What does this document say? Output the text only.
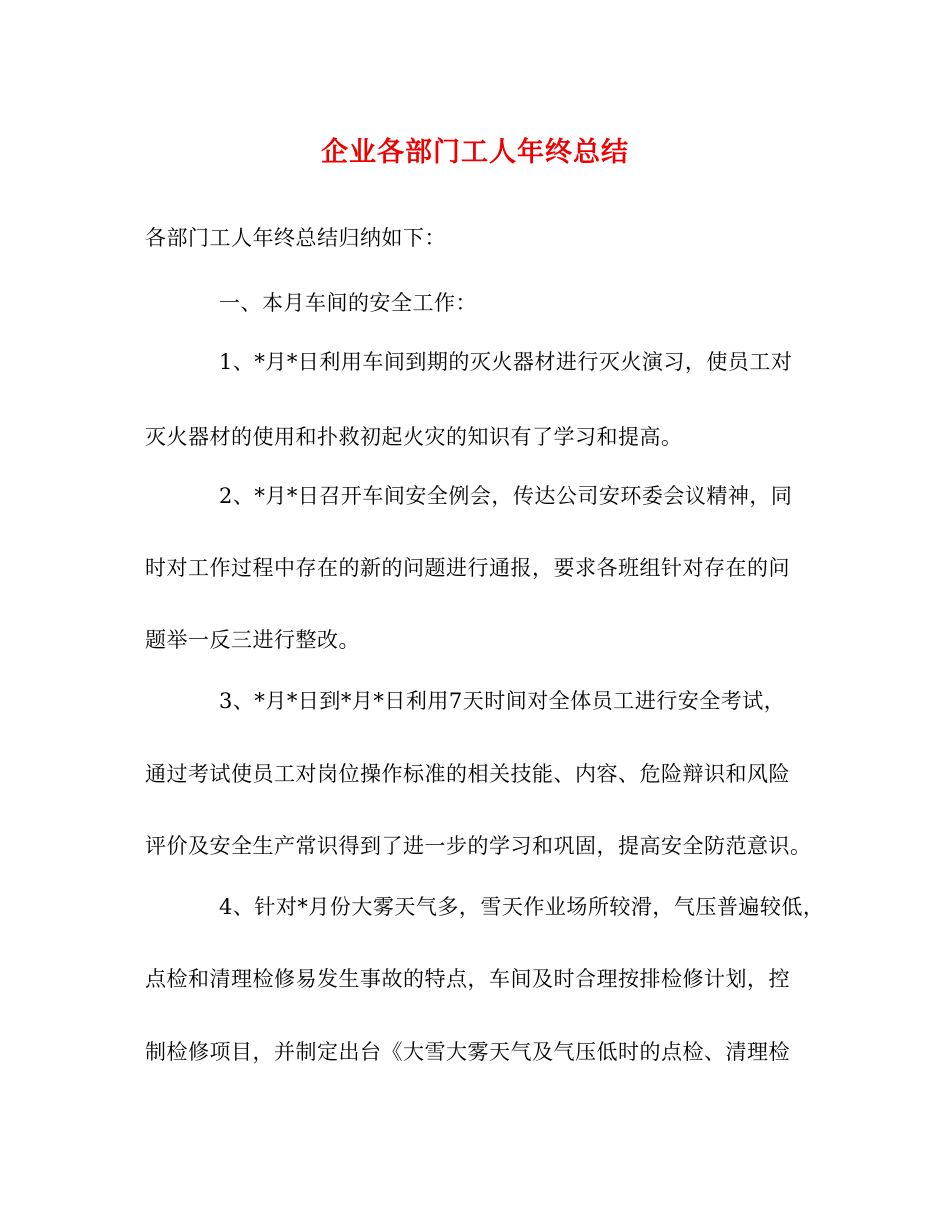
企业各部门工人年终总结
各部门工人年终总结归纳如下：
一、本月车间的安全工作：
1、*月*日利用车间到期的灭火器材进行灭火演习，使员工对
灭火器材的使用和扑救初起火灾的知识有了学习和提高。
2、*月*日召开车间安全例会，传达公司安环委会议精神，同
时对工作过程中存在的新的问题进行通报，要求各班组针对存在的问
题举一反三进行整改。
3、*月*日到*月*日利用7天时间对全体员工进行安全考试，
通过考试使员工对岗位操作标准的相关技能、内容、危险辩识和风险
评价及安全生产常识得到了进一步的学习和巩固，提高安全防范意识。
4、针对*月份大雾天气多，雪天作业场所较滑，气压普遍较低，
点检和清理检修易发生事故的特点，车间及时合理按排检修计划，控
制检修项目，并制定出台《大雪大雾天气及气压低时的点检、清理检
